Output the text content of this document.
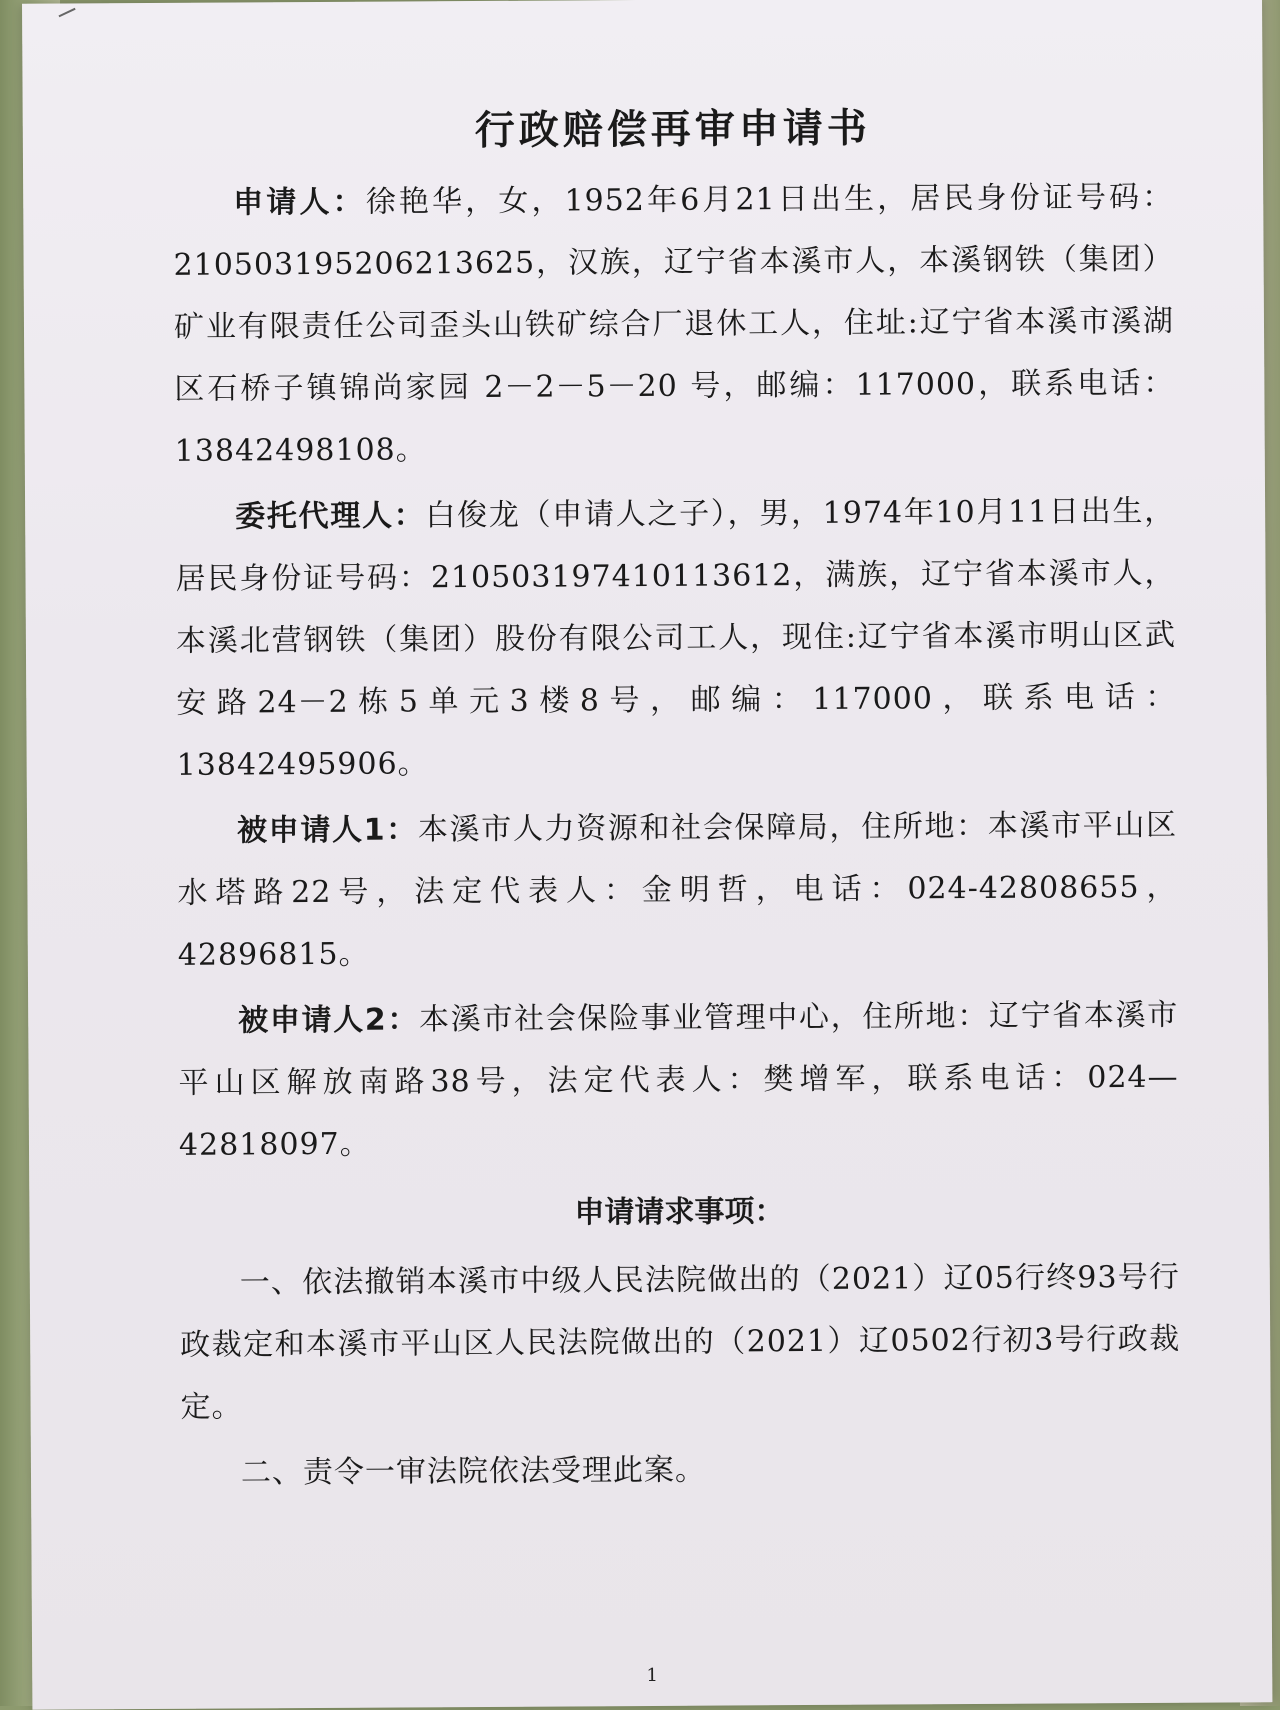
行政赔偿再审申请书

申请人：徐艳华，女，1952年6月21日出生，居民身份证号码：210503195206213625，汉族，辽宁省本溪市人，本溪钢铁（集团）矿业有限责任公司歪头山铁矿综合厂退休工人，住址:辽宁省本溪市溪湖区石桥子镇锦尚家园 2－2－5－20 号，邮编：117000，联系电话：13842498108。

委托代理人：白俊龙（申请人之子），男，1974年10月11日出生，居民身份证号码：210503197410113612，满族，辽宁省本溪市人，本溪北营钢铁（集团）股份有限公司工人，现住:辽宁省本溪市明山区武安路24－2栋5单元3楼8号，邮编：117000，联系电话：13842495906。

被申请人1：本溪市人力资源和社会保障局，住所地：本溪市平山区水塔路22号，法定代表人：金明哲，电话：024-42808655，42896815。

被申请人2：本溪市社会保险事业管理中心，住所地：辽宁省本溪市平山区解放南路38号，法定代表人：樊增军，联系电话：024—42818097。

申请请求事项：

一、依法撤销本溪市中级人民法院做出的（2021）辽05行终93号行政裁定和本溪市平山区人民法院做出的（2021）辽0502行初3号行政裁定。

二、责令一审法院依法受理此案。

1
